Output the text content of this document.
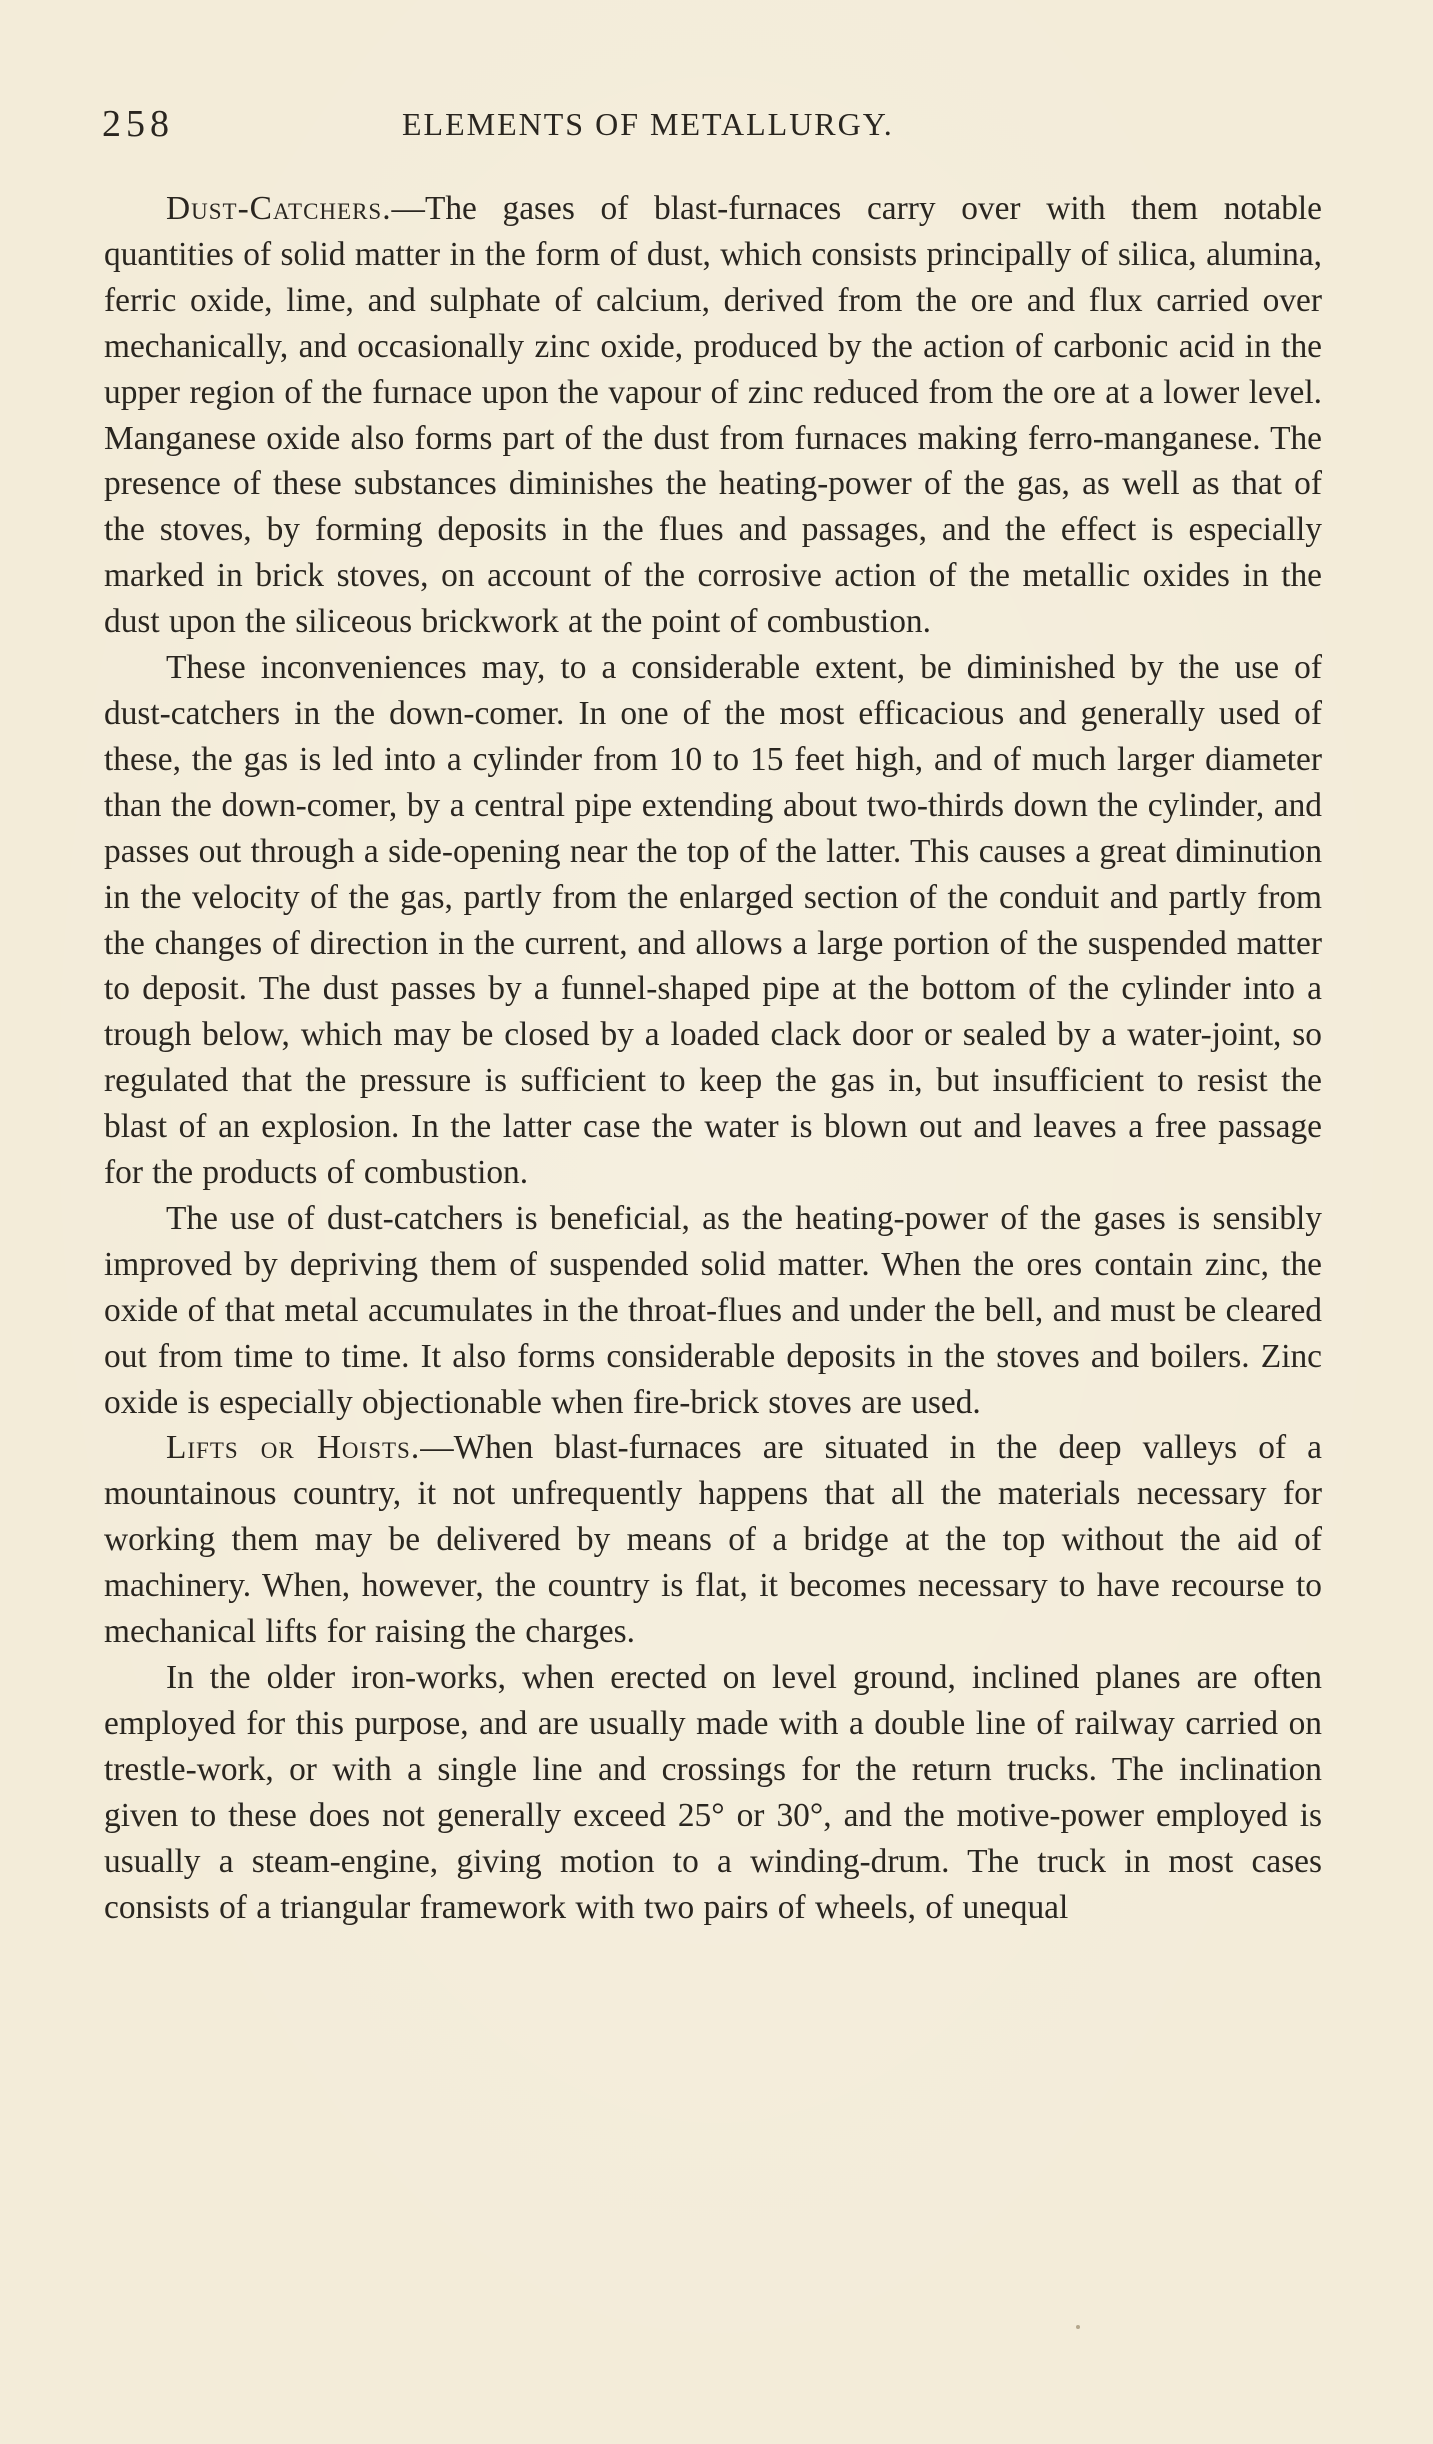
258	ELEMENTS OF METALLURGY.

Dust-Catchers.—The gases of blast-furnaces carry over with them notable quantities of solid matter in the form of dust, which consists principally of silica, alumina, ferric oxide, lime, and sulphate of calcium, derived from the ore and flux carried over mechanically, and occasionally zinc oxide, produced by the action of carbonic acid in the upper region of the furnace upon the vapour of zinc reduced from the ore at a lower level. Manganese oxide also forms part of the dust from furnaces making ferro-manganese. The presence of these substances diminishes the heating-power of the gas, as well as that of the stoves, by forming deposits in the flues and passages, and the effect is especially marked in brick stoves, on account of the corrosive action of the metallic oxides in the dust upon the siliceous brickwork at the point of combustion.

These inconveniences may, to a considerable extent, be diminished by the use of dust-catchers in the down-comer. In one of the most efficacious and generally used of these, the gas is led into a cylinder from 10 to 15 feet high, and of much larger diameter than the down-comer, by a central pipe extending about two-thirds down the cylinder, and passes out through a side-opening near the top of the latter. This causes a great diminution in the velocity of the gas, partly from the enlarged section of the conduit and partly from the changes of direction in the current, and allows a large portion of the suspended matter to deposit. The dust passes by a funnel-shaped pipe at the bottom of the cylinder into a trough below, which may be closed by a loaded clack door or sealed by a water-joint, so regulated that the pressure is sufficient to keep the gas in, but insufficient to resist the blast of an explosion. In the latter case the water is blown out and leaves a free passage for the products of combustion.

The use of dust-catchers is beneficial, as the heating-power of the gases is sensibly improved by depriving them of suspended solid matter. When the ores contain zinc, the oxide of that metal accumulates in the throat-flues and under the bell, and must be cleared out from time to time. It also forms considerable deposits in the stoves and boilers. Zinc oxide is especially objectionable when fire-brick stoves are used.

Lifts or Hoists.—When blast-furnaces are situated in the deep valleys of a mountainous country, it not unfrequently happens that all the materials necessary for working them may be delivered by means of a bridge at the top without the aid of machinery. When, however, the country is flat, it becomes necessary to have recourse to mechanical lifts for raising the charges.

In the older iron-works, when erected on level ground, inclined planes are often employed for this purpose, and are usually made with a double line of railway carried on trestle-work, or with a single line and crossings for the return trucks. The inclination given to these does not generally exceed 25° or 30°, and the motive-power employed is usually a steam-engine, giving motion to a winding-drum. The truck in most cases consists of a triangular framework with two pairs of wheels, of unequal
